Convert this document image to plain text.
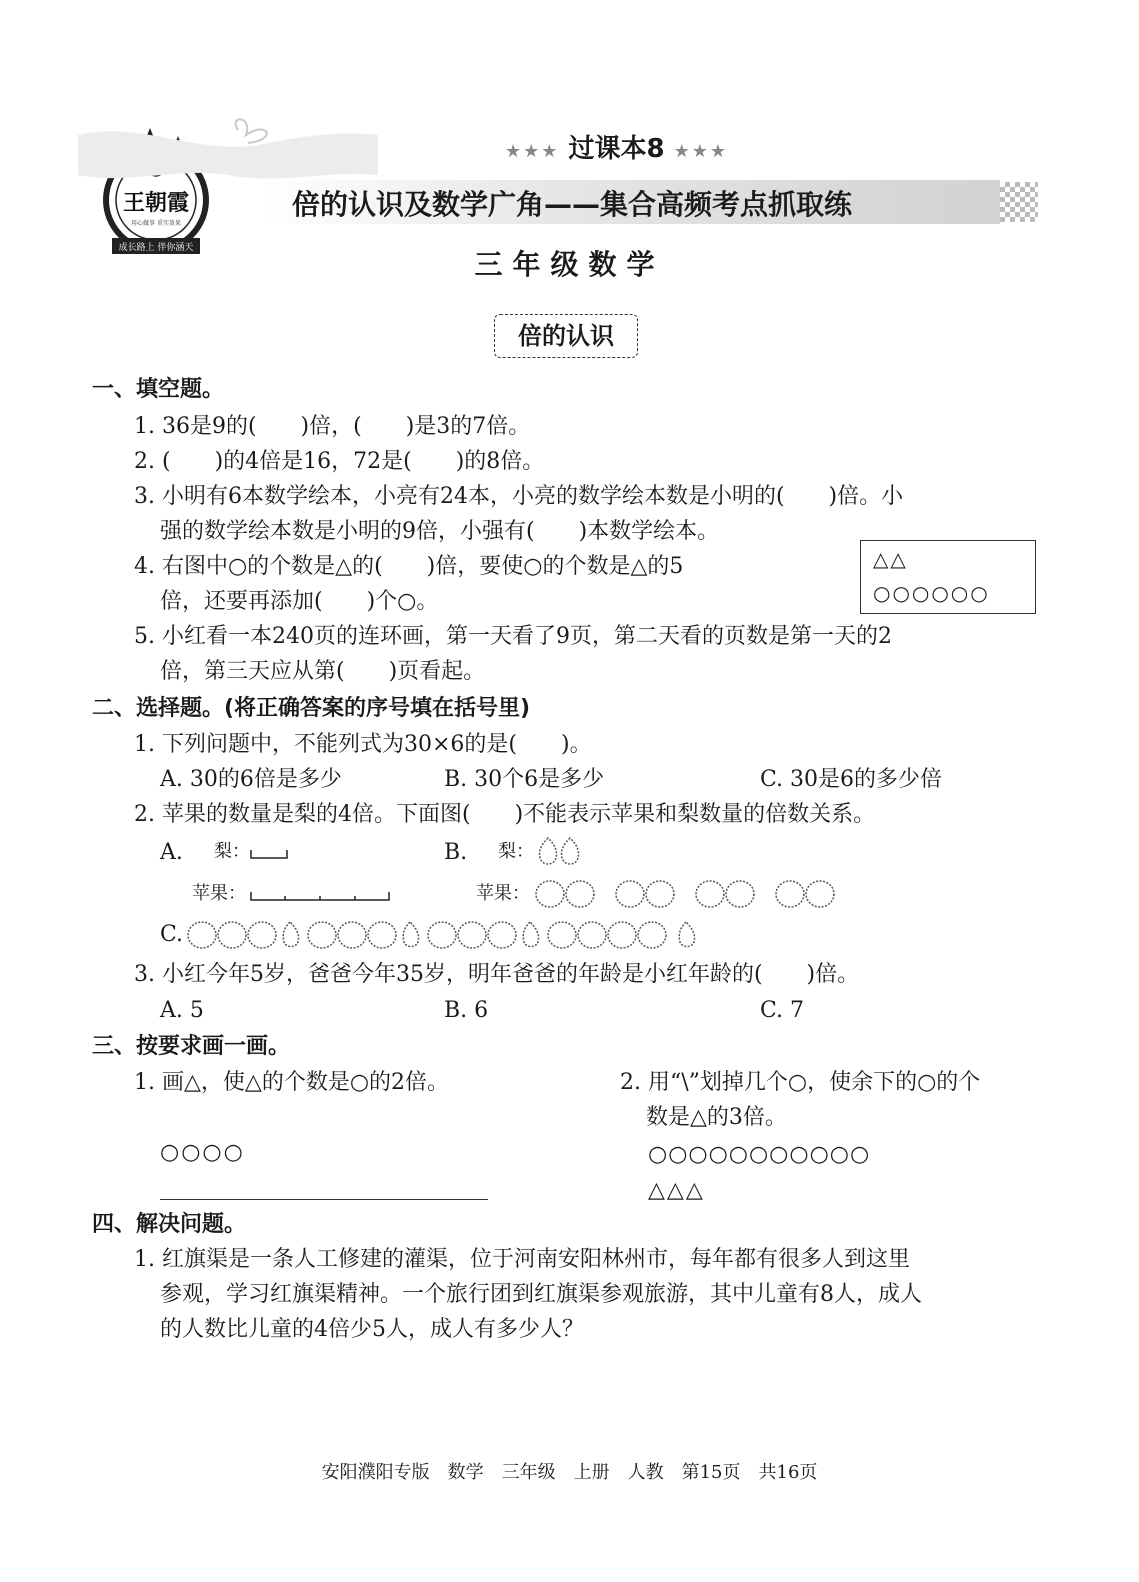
王朝霞
用心做事 重实效果
成长路上 伴你涵天
★★★ 过课本8 ★★★
倍的认识及数学广角——集合高频考点抓取练
三年级数学
倍的认识
一、填空题。
1. 36是9的(　　)倍，(　　)是3的7倍。
2. (　　)的4倍是16，72是(　　)的8倍。
3. 小明有6本数学绘本，小亮有24本，小亮的数学绘本数是小明的(　　)倍。小
强的数学绘本数是小明的9倍，小强有(　　)本数学绘本。
4. 右图中○的个数是△的(　　)倍，要使○的个数是△的5
倍，还要再添加(　　)个○。
△△
○○○○○○
5. 小红看一本240页的连环画，第一天看了9页，第二天看的页数是第一天的2
倍，第三天应从第(　　)页看起。
二、选择题。(将正确答案的序号填在括号里)
1. 下列问题中，不能列式为30×6的是(　　)。
A. 30的6倍是多少	B. 30个6是多少	C. 30是6的多少倍
2. 苹果的数量是梨的4倍。下面图(　　)不能表示苹果和梨数量的倍数关系。
A. 梨：
苹果：
B. 梨：
苹果：
C.
3. 小红今年5岁，爸爸今年35岁，明年爸爸的年龄是小红年龄的(　　)倍。
A. 5	B. 6	C. 7
三、按要求画一画。
1. 画△，使△的个数是○的2倍。
○○○○
2. 用“\”划掉几个○，使余下的○的个
数是△的3倍。
○○○○○○○○○○○
△△△
四、解决问题。
1. 红旗渠是一条人工修建的灌渠，位于河南安阳林州市，每年都有很多人到这里
参观，学习红旗渠精神。一个旅行团到红旗渠参观旅游，其中儿童有8人，成人
的人数比儿童的4倍少5人，成人有多少人？
安阳濮阳专版　数学　三年级　上册　人教　第15页　共16页
